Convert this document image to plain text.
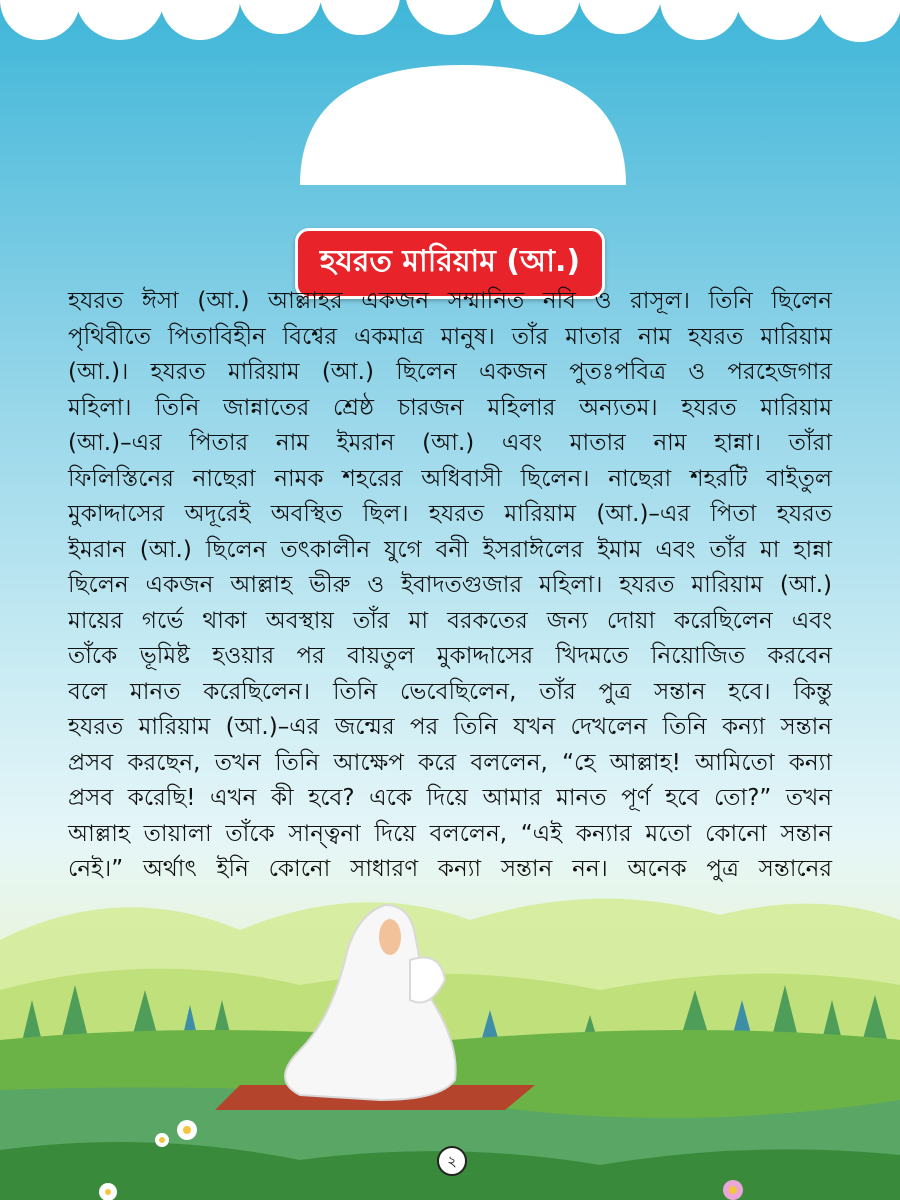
হযরত মারিয়াম (আ.)
হযরত ঈসা (আ.) আল্লাহর একজন সম্মানিত নবি ও রাসূল। তিনি ছিলেন
পৃথিবীতে পিতাবিহীন বিশ্বের একমাত্র মানুষ। তাঁর মাতার নাম হযরত মারিয়াম
(আ.)। হযরত মারিয়াম (আ.) ছিলেন একজন পুতঃপবিত্র ও পরহেজগার
মহিলা। তিনি জান্নাতের শ্রেষ্ঠ চারজন মহিলার অন্যতম। হযরত মারিয়াম
(আ.)–এর পিতার নাম ইমরান (আ.) এবং মাতার নাম হান্না। তাঁরা
ফিলিস্তিনের নাছেরা নামক শহরের অধিবাসী ছিলেন। নাছেরা শহরটি বাইতুল
মুকাদ্দাসের অদূরেই অবস্থিত ছিল। হযরত মারিয়াম (আ.)–এর পিতা হযরত
ইমরান (আ.) ছিলেন তৎকালীন যুগে বনী ইসরাঈলের ইমাম এবং তাঁর মা হান্না
ছিলেন একজন আল্লাহ ভীরু ও ইবাদতগুজার মহিলা। হযরত মারিয়াম (আ.)
মায়ের গর্ভে থাকা অবস্থায় তাঁর মা বরকতের জন্য দোয়া করেছিলেন এবং
তাঁকে ভূমিষ্ট হওয়ার পর বায়তুল মুকাদ্দাসের খিদমতে নিয়োজিত করবেন
বলে মানত করেছিলেন। তিনি ভেবেছিলেন, তাঁর পুত্র সন্তান হবে। কিন্তু
হযরত মারিয়াম (আ.)–এর জন্মের পর তিনি যখন দেখলেন তিনি কন্যা সন্তান
প্রসব করছেন, তখন তিনি আক্ষেপ করে বললেন, “হে আল্লাহ! আমিতো কন্যা
প্রসব করেছি! এখন কী হবে? একে দিয়ে আমার মানত পূর্ণ হবে তো?” তখন
আল্লাহ তায়ালা তাঁকে সান্ত্বনা দিয়ে বললেন, “এই কন্যার মতো কোনো সন্তান
নেই।” অর্থাৎ ইনি কোনো সাধারণ কন্যা সন্তান নন। অনেক পুত্র সন্তানের
২
